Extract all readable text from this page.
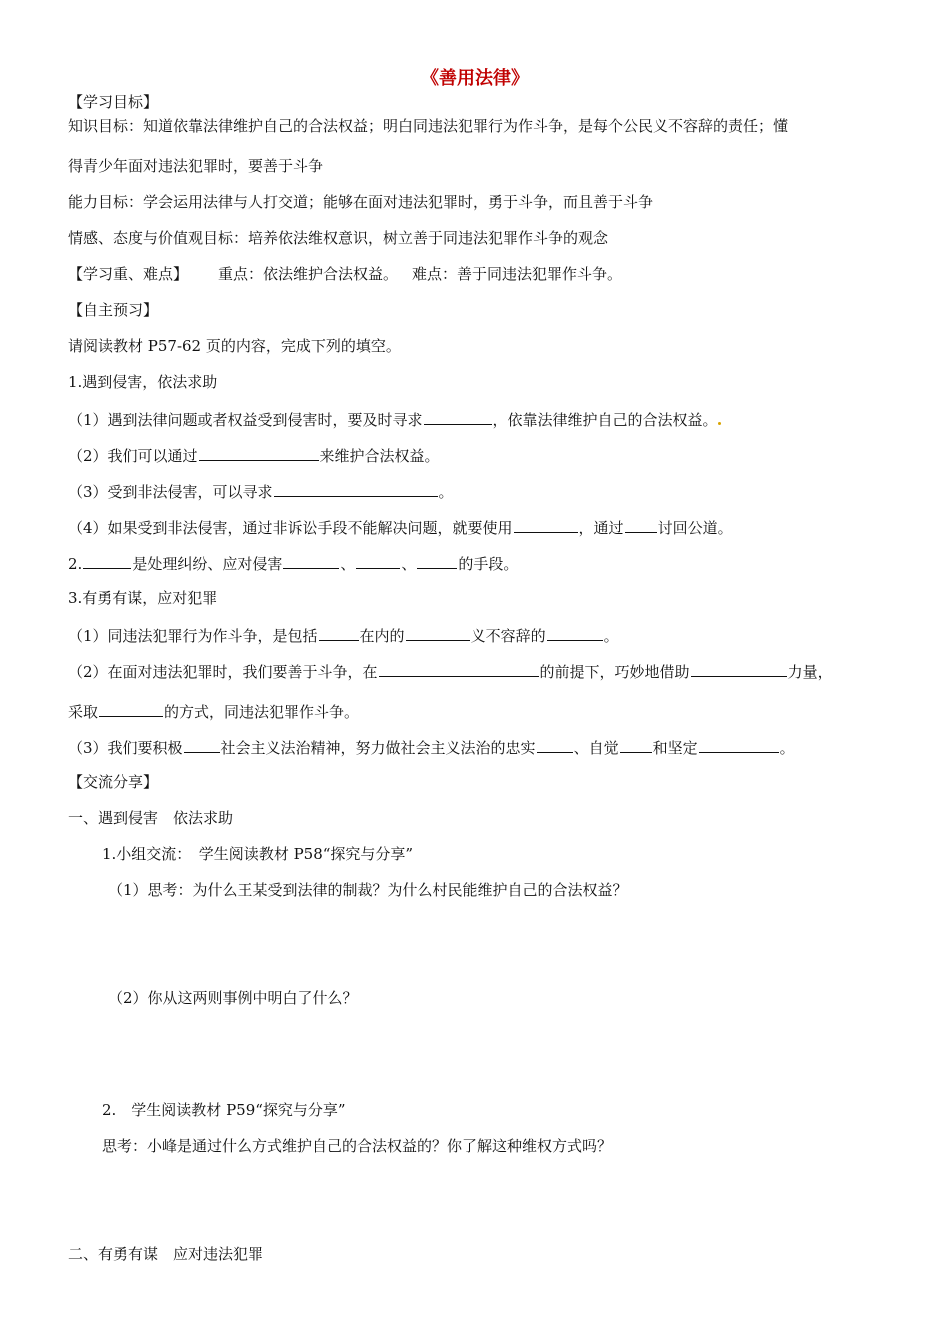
《善用法律》
【学习目标】
知识目标：知道依靠法律维护自己的合法权益；明白同违法犯罪行为作斗争，是每个公民义不容辞的责任；懂
得青少年面对违法犯罪时，要善于斗争
能力目标：学会运用法律与人打交道；能够在面对违法犯罪时，勇于斗争，而且善于斗争
情感、态度与价值观目标：培养依法维权意识，树立善于同违法犯罪作斗争的观念
【学习重、难点】 重点：依法维护合法权益。 难点：善于同违法犯罪作斗争。
【自主预习】
请阅读教材 P57-62 页的内容，完成下列的填空。
1.遇到侵害，依法求助
（1）遇到法律问题或者权益受到侵害时，要及时寻求	，依靠法律维护自己的合法权益。
（2）我们可以通过	来维护合法权益。
（3）受到非法侵害，可以寻求	。
（4）如果受到非法侵害，通过非诉讼手段不能解决问题，就要使用	，通过 讨回公道。
2.	是处理纠纷、应对侵害	、	、	的手段。
3.有勇有谋，应对犯罪
（1）同违法犯罪行为作斗争，是包括	在内的	义不容辞的	。
（2）在面对违法犯罪时，我们要善于斗争，在	的前提下，巧妙地借助	力量，
采取	的方式，同违法犯罪作斗争。
（3）我们要积极	社会主义法治精神，努力做社会主义法治的忠实	、自觉 和坚定	。
【交流分享】
一、遇到侵害　依法求助
1.小组交流：　学生阅读教材 P58“探究与分享”
（1）思考：为什么王某受到法律的制裁？为什么村民能维护自己的合法权益？
（2）你从这两则事例中明白了什么？
2.　学生阅读教材 P59“探究与分享”
思考：小峰是通过什么方式维护自己的合法权益的？你了解这种维权方式吗？
二、有勇有谋　应对违法犯罪
